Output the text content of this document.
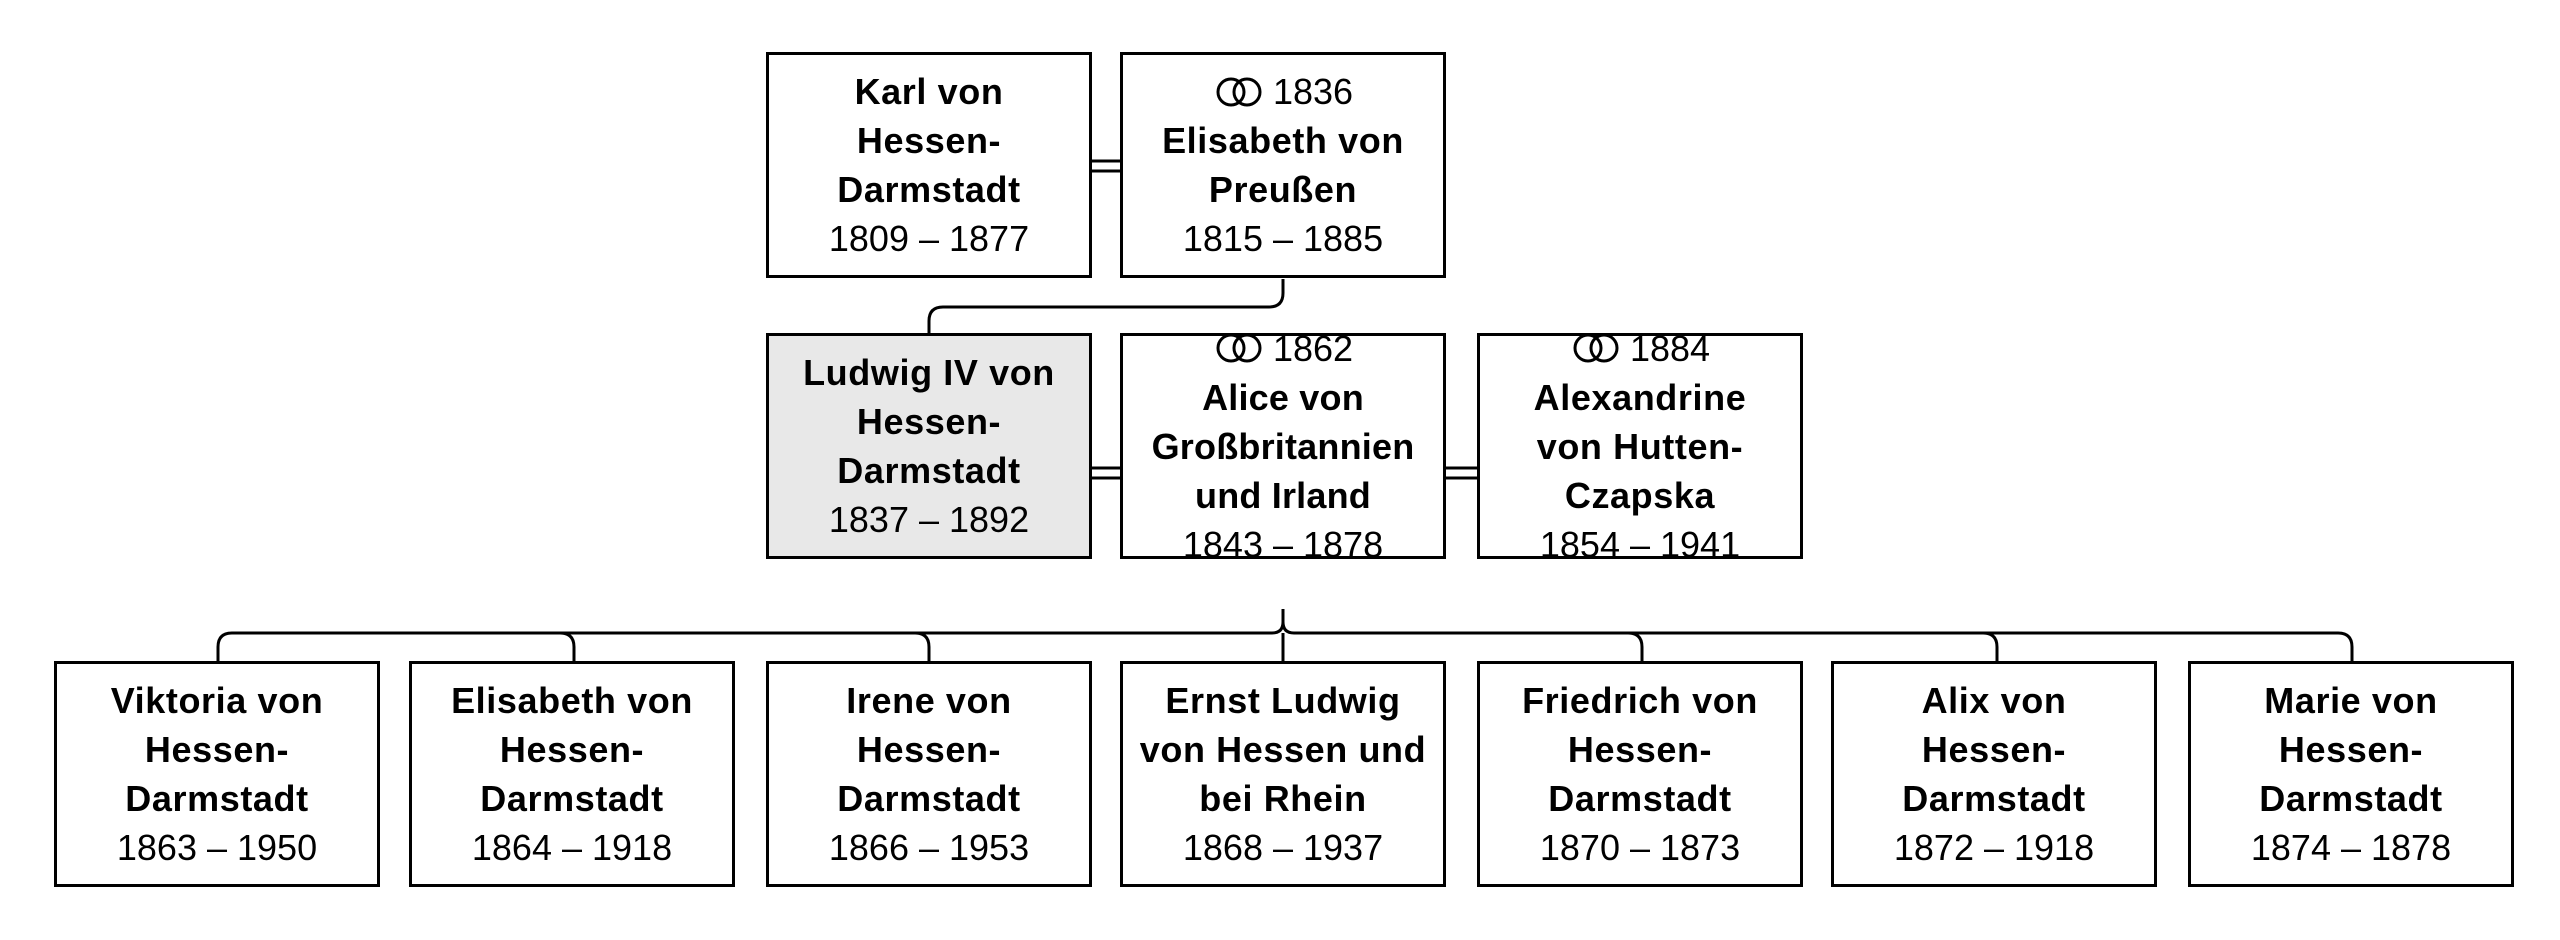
Karl von Hessen-Darmstadt
1809 – 1877
1836
Elisabeth von Preußen
1815 – 1885
Ludwig IV von Hessen-Darmstadt
1837 – 1892
1862
Alice von Großbritannien und Irland
1843 – 1878
1884
Alexandrine von Hutten-Czapska
1854 – 1941
Viktoria von Hessen-Darmstadt
1863 – 1950
Elisabeth von Hessen-Darmstadt
1864 – 1918
Irene von Hessen-Darmstadt
1866 – 1953
Ernst Ludwig von Hessen und bei Rhein
1868 – 1937
Friedrich von Hessen-Darmstadt
1870 – 1873
Alix von Hessen-Darmstadt
1872 – 1918
Marie von Hessen-Darmstadt
1874 – 1878
